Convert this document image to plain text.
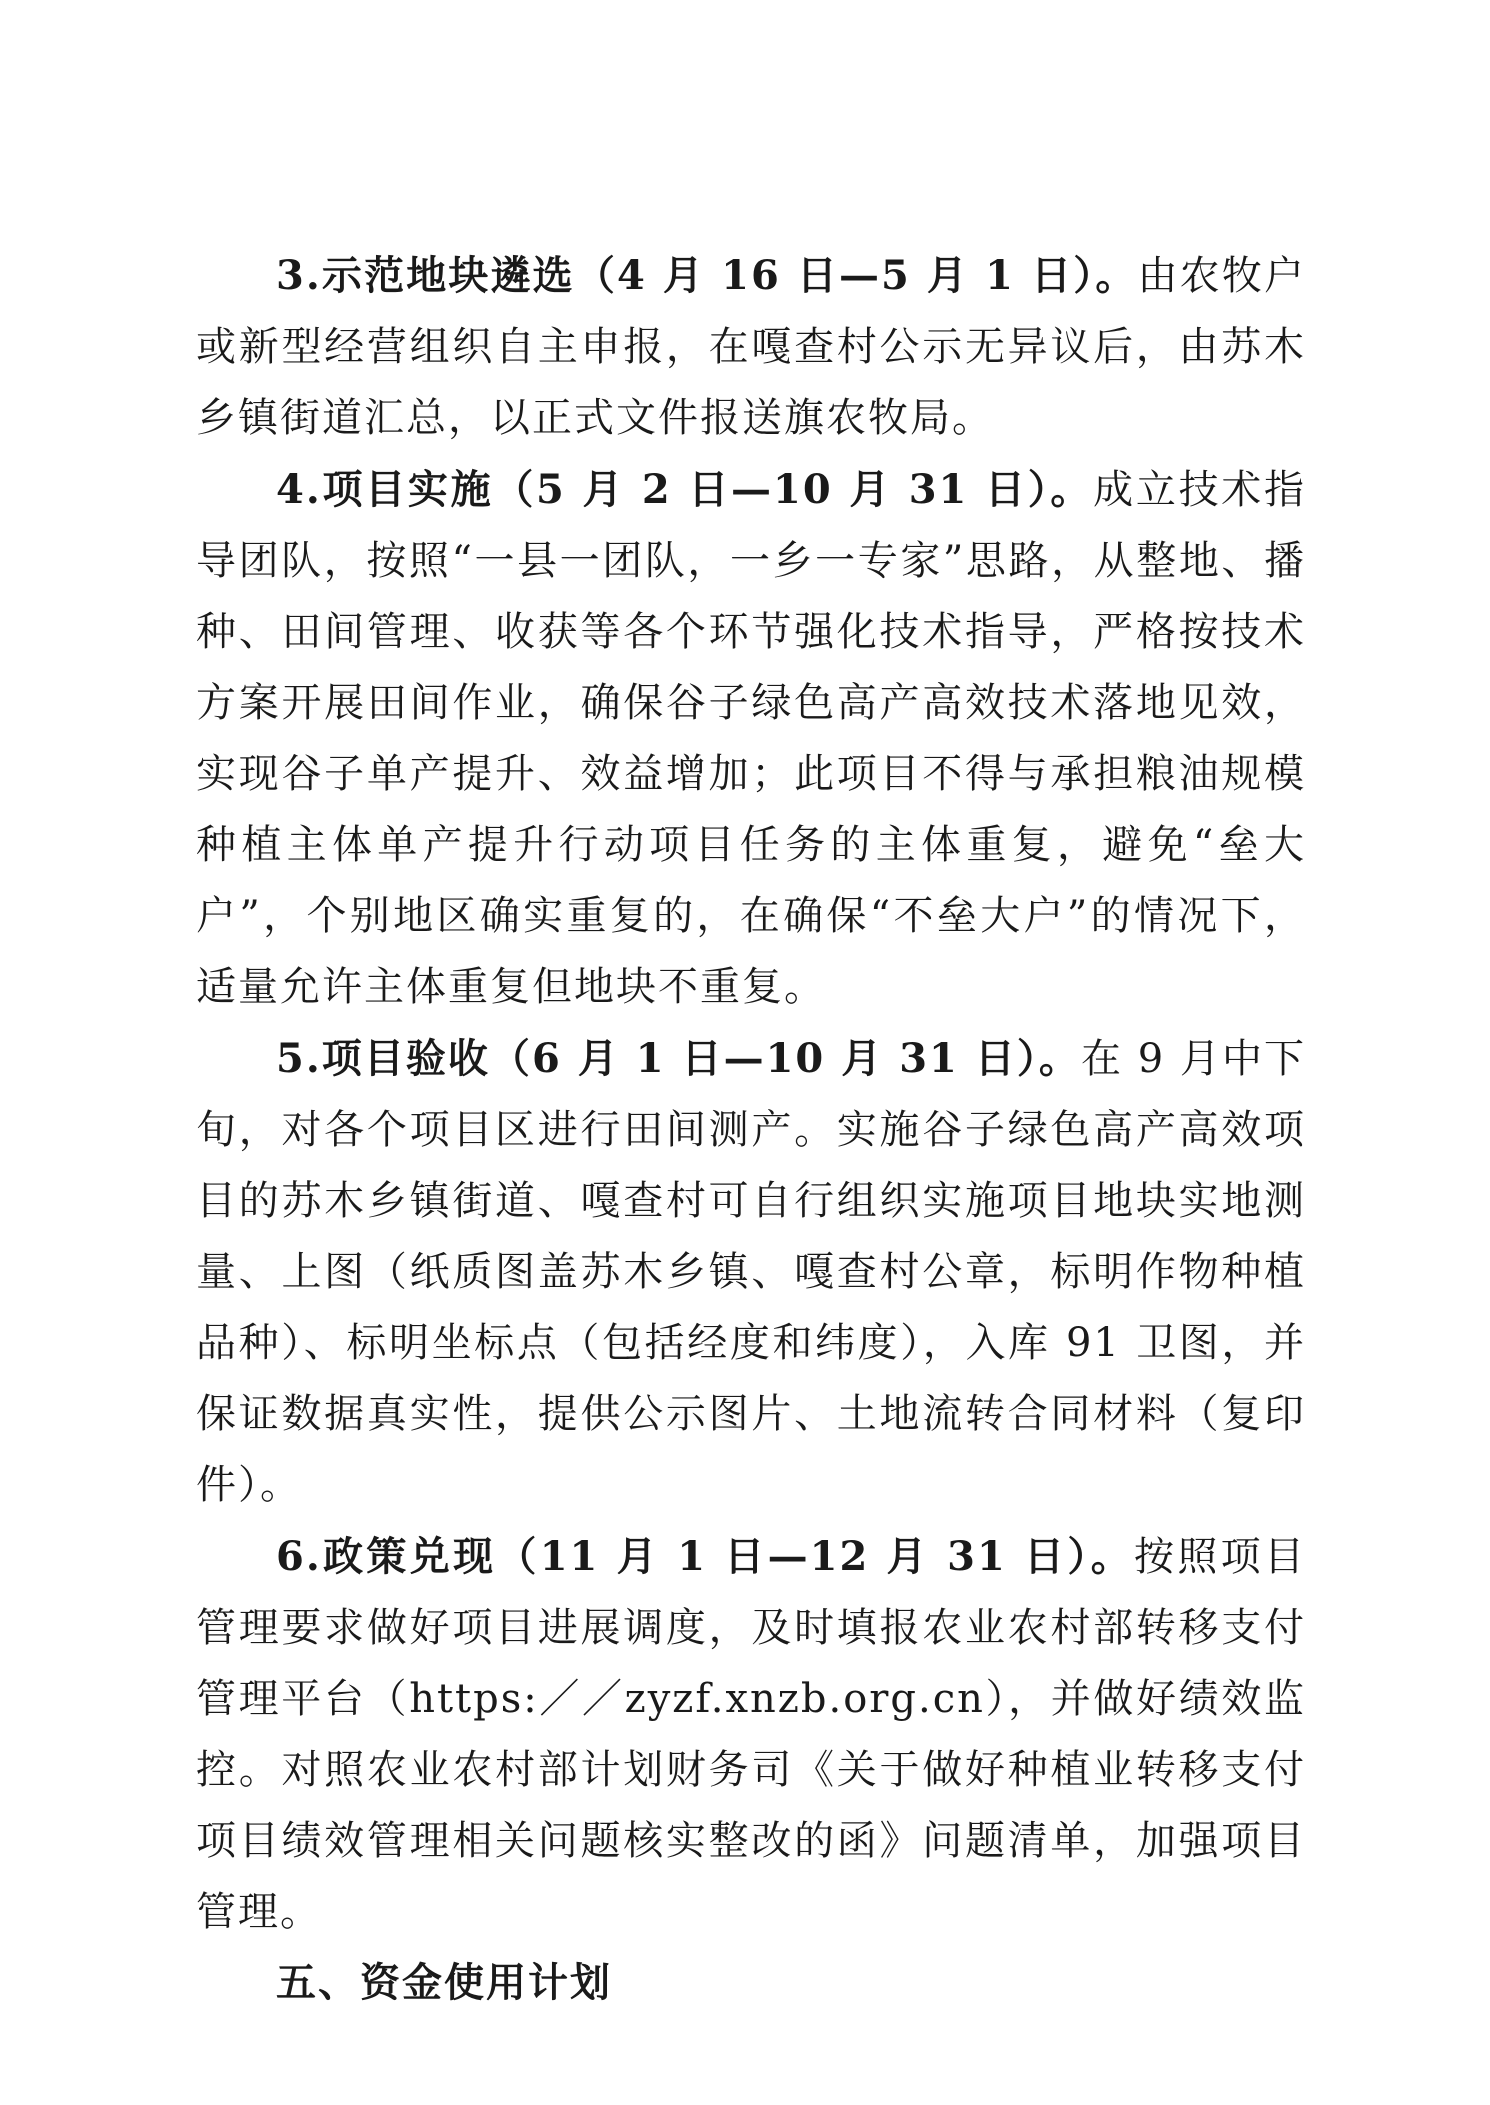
3.示范地块遴选（4 月 16 日—5 月 1 日）。由农牧户或新型经营组织自主申报，在嘎查村公示无异议后，由苏木乡镇街道汇总，以正式文件报送旗农牧局。

4.项目实施（5 月 2 日—10 月 31 日）。成立技术指导团队，按照“一县一团队，一乡一专家”思路，从整地、播种、田间管理、收获等各个环节强化技术指导，严格按技术方案开展田间作业，确保谷子绿色高产高效技术落地见效，实现谷子单产提升、效益增加；此项目不得与承担粮油规模种植主体单产提升行动项目任务的主体重复，避免“垒大户”，个别地区确实重复的，在确保“不垒大户”的情况下，适量允许主体重复但地块不重复。

5.项目验收（6 月 1 日—10 月 31 日）。在 9 月中下旬，对各个项目区进行田间测产。实施谷子绿色高产高效项目的苏木乡镇街道、嘎查村可自行组织实施项目地块实地测量、上图（纸质图盖苏木乡镇、嘎查村公章，标明作物种植品种）、标明坐标点（包括经度和纬度），入库 91 卫图，并保证数据真实性，提供公示图片、土地流转合同材料（复印件）。

6.政策兑现（11 月 1 日—12 月 31 日）。按照项目管理要求做好项目进展调度，及时填报农业农村部转移支付管理平台（https:／／zyzf.xnzb.org.cn），并做好绩效监控。对照农业农村部计划财务司《关于做好种植业转移支付项目绩效管理相关问题核实整改的函》问题清单，加强项目管理。

五、资金使用计划
